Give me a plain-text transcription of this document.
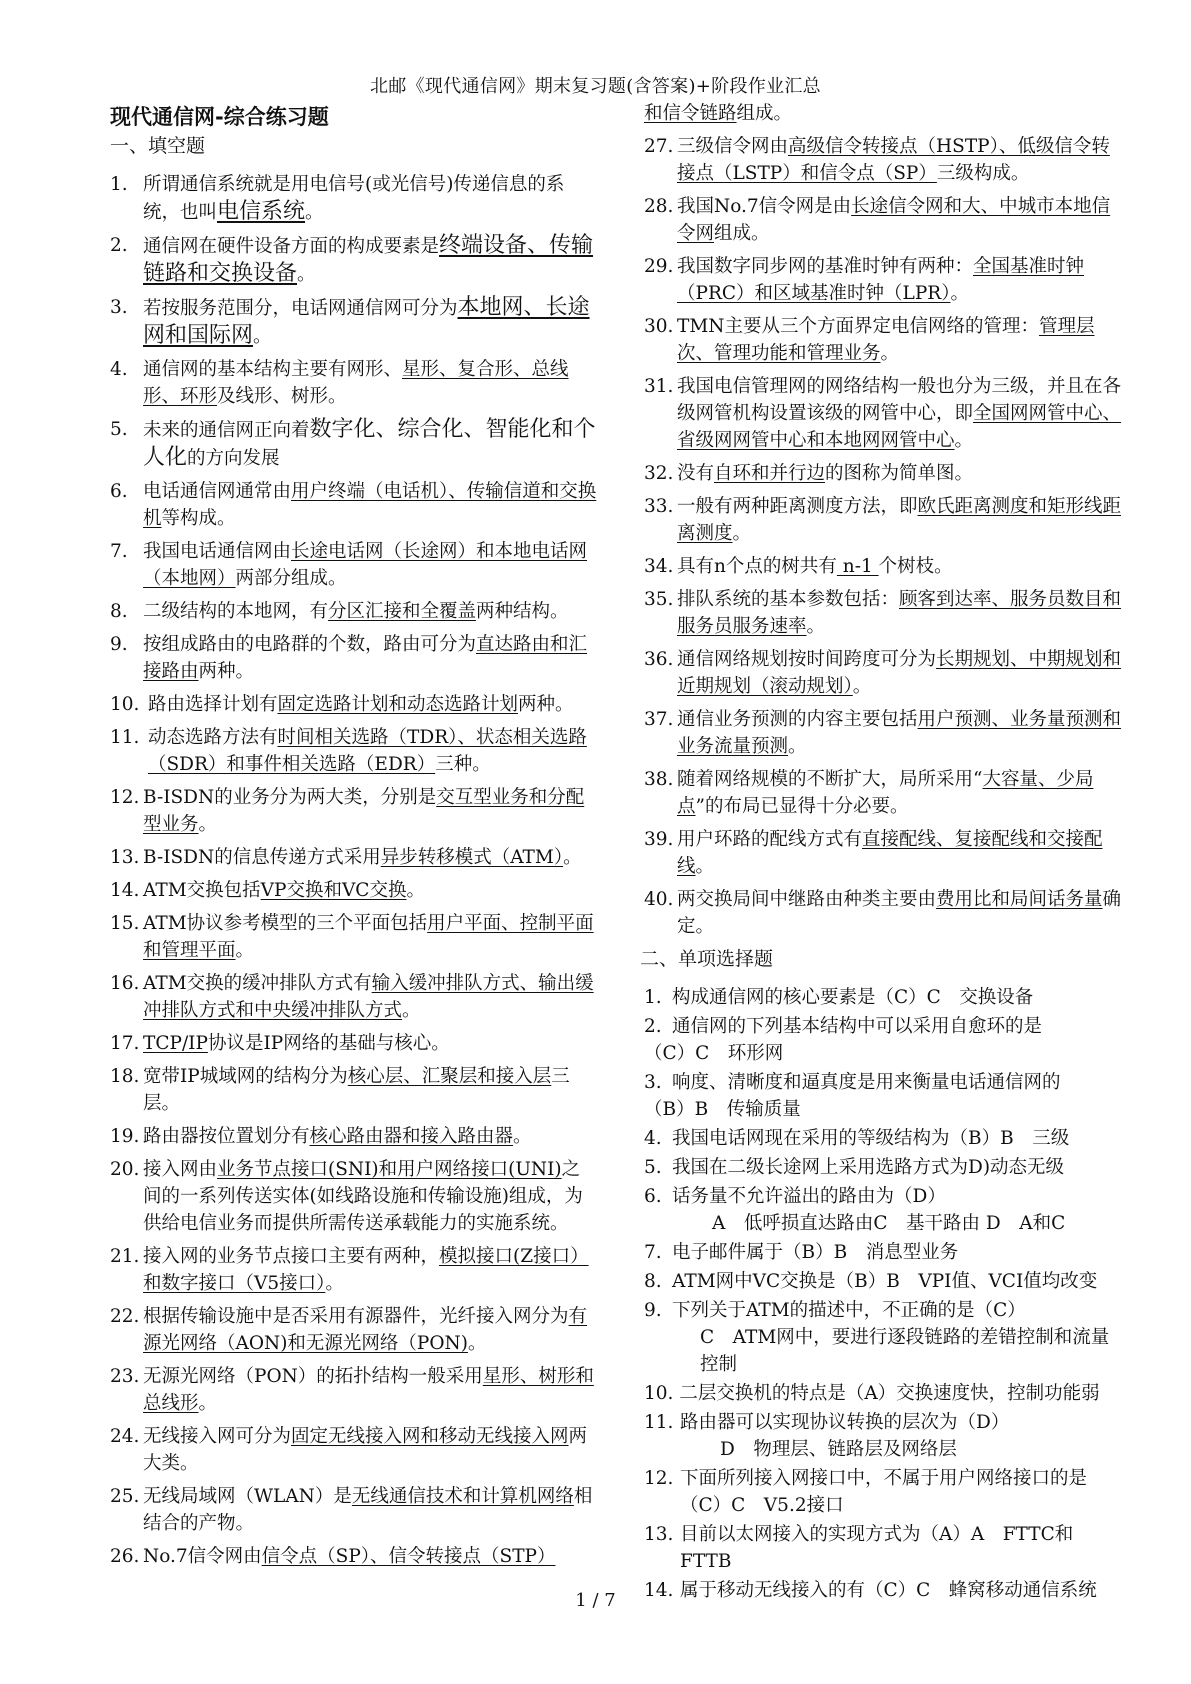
北邮《现代通信网》期末复习题(含答案)+阶段作业汇总
现代通信网-综合练习题
一、填空题
1. 所谓通信系统就是用电信号(或光信号)传递信息的系统，也叫电信系统。
2. 通信网在硬件设备方面的构成要素是终端设备、传输链路和交换设备。
3. 若按服务范围分，电话网通信网可分为本地网、长途网和国际网。
4. 通信网的基本结构主要有网形、星形、复合形、总线形、环形及线形、树形。
5. 未来的通信网正向着数字化、综合化、智能化和个人化的方向发展
6. 电话通信网通常由用户终端（电话机）、传输信道和交换机等构成。
7. 我国电话通信网由长途电话网（长途网）和本地电话网（本地网）两部分组成。
8. 二级结构的本地网，有分区汇接和全覆盖两种结构。
9. 按组成路由的电路群的个数，路由可分为直达路由和汇接路由两种。
10. 路由选择计划有固定选路计划和动态选路计划两种。
11. 动态选路方法有时间相关选路（TDR）、状态相关选路（SDR）和事件相关选路（EDR）三种。
12. B-ISDN的业务分为两大类，分别是交互型业务和分配型业务。
13. B-ISDN的信息传递方式采用异步转移模式（ATM）。
14. ATM交换包括VP交换和VC交换。
15. ATM协议参考模型的三个平面包括用户平面、控制平面和管理平面。
16. ATM交换的缓冲排队方式有输入缓冲排队方式、输出缓冲排队方式和中央缓冲排队方式。
17. TCP/IP协议是IP网络的基础与核心。
18. 宽带IP城域网的结构分为核心层、汇聚层和接入层三层。
19. 路由器按位置划分有核心路由器和接入路由器。
20. 接入网由业务节点接口(SNI)和用户网络接口(UNI)之间的一系列传送实体(如线路设施和传输设施)组成，为供给电信业务而提供所需传送承载能力的实施系统。
21. 接入网的业务节点接口主要有两种，模拟接口(Z接口）和数字接口（V5接口）。
22. 根据传输设施中是否采用有源器件，光纤接入网分为有源光网络（AON)和无源光网络（PON)。
23. 无源光网络（PON）的拓扑结构一般采用星形、树形和总线形。
24. 无线接入网可分为固定无线接入网和移动无线接入网两大类。
25. 无线局域网（WLAN）是无线通信技术和计算机网络相结合的产物。
26. No.7信令网由信令点（SP）、信令转接点（STP）
和信令链路组成。
27. 三级信令网由高级信令转接点（HSTP）、低级信令转接点（LSTP）和信令点（SP）三级构成。
28. 我国No.7信令网是由长途信令网和大、中城市本地信令网组成。
29. 我国数字同步网的基准时钟有两种：全国基准时钟（PRC）和区域基准时钟（LPR）。
30. TMN主要从三个方面界定电信网络的管理：管理层次、管理功能和管理业务。
31. 我国电信管理网的网络结构一般也分为三级，并且在各级网管机构设置该级的网管中心，即全国网网管中心、省级网网管中心和本地网网管中心。
32. 没有自环和并行边的图称为简单图。
33. 一般有两种距离测度方法，即欧氏距离测度和矩形线距离测度。
34. 具有n个点的树共有 n-1 个树枝。
35. 排队系统的基本参数包括：顾客到达率、服务员数目和服务员服务速率。
36. 通信网络规划按时间跨度可分为长期规划、中期规划和近期规划（滚动规划）。
37. 通信业务预测的内容主要包括用户预测、业务量预测和业务流量预测。
38. 随着网络规模的不断扩大，局所采用“大容量、少局点”的布局已显得十分必要。
39. 用户环路的配线方式有直接配线、复接配线和交接配线。
40. 两交换局间中继路由种类主要由费用比和局间话务量确定。
二、单项选择题
1. 构成通信网的核心要素是（C）C　交换设备
2. 通信网的下列基本结构中可以采用自愈环的是
（C）C　环形网
3. 响度、清晰度和逼真度是用来衡量电话通信网的
（B）B　传输质量
4. 我国电话网现在采用的等级结构为（B）B　三级
5. 我国在二级长途网上采用选路方式为D)动态无级
6. 话务量不允许溢出的路由为（D）
A　低呼损直达路由C　基干路由 D　A和C
7. 电子邮件属于（B）B　消息型业务
8. ATM网中VC交换是（B）B　VPI值、VCI值均改变
9. 下列关于ATM的描述中，不正确的是（C）
C　ATM网中，要进行逐段链路的差错控制和流量控制
10. 二层交换机的特点是（A）交换速度快，控制功能弱
11. 路由器可以实现协议转换的层次为（D）
D　物理层、链路层及网络层
12. 下面所列接入网接口中，不属于用户网络接口的是（C）C　V5.2接口
13. 目前以太网接入的实现方式为（A）A　FTTC和FTTB
14. 属于移动无线接入的有（C）C　蜂窝移动通信系统
1 / 7
